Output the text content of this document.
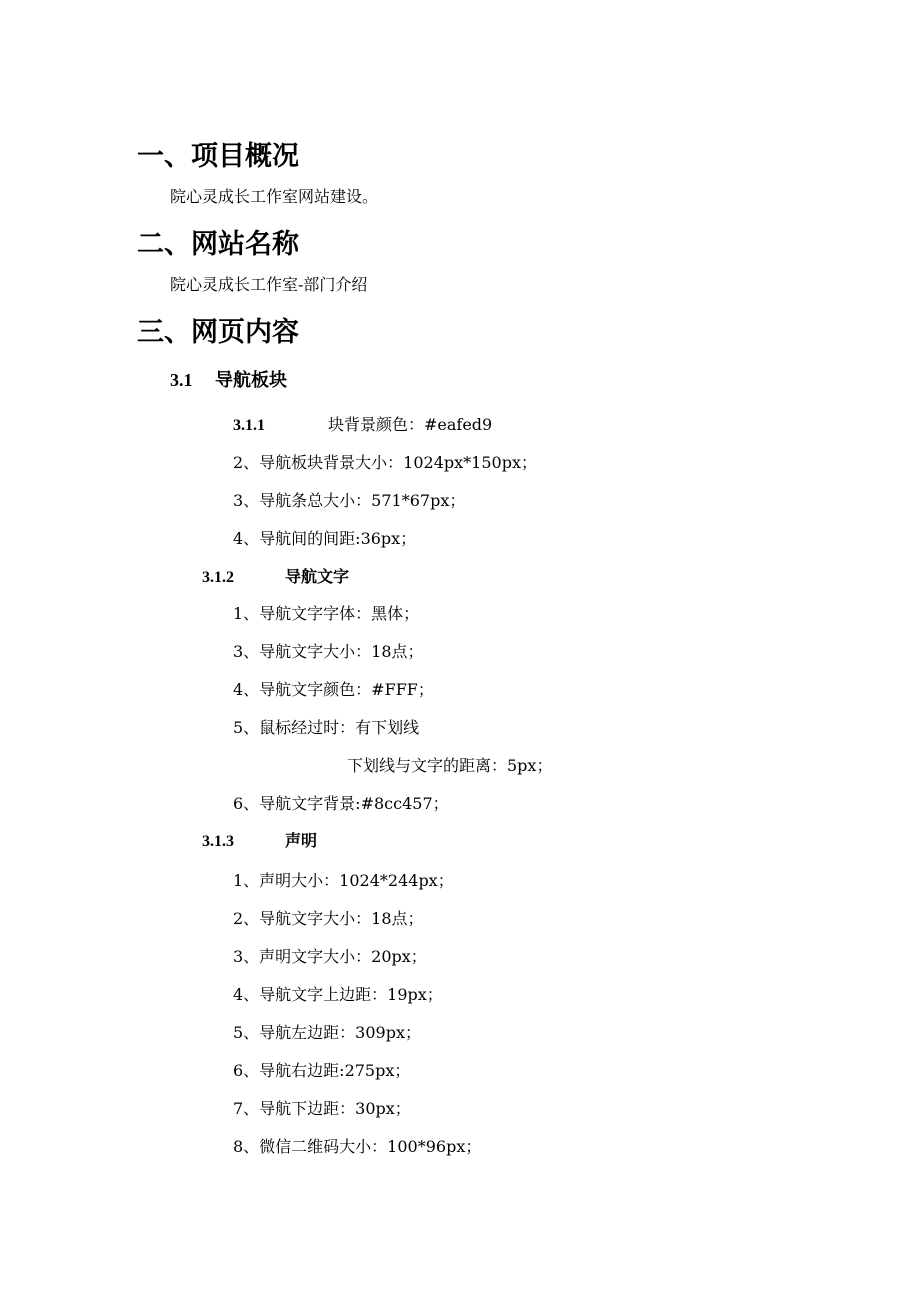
一、项目概况

院心灵成长工作室网站建设。

二、网站名称

院心灵成长工作室-部门介绍

三、网页内容
3.1 导航板块
3.1.1	块背景颜色：#eafed9

2、导航板块背景大小：1024px*150px；

3、导航条总大小：571*67px；

4、导航间的间距:36px；

3.1.2	导航文字

1、导航文字字体：黑体；

3、导航文字大小：18点；

4、导航文字颜色：#FFF；

5、鼠标经过时：有下划线

下划线与文字的距离：5px；

6、导航文字背景:#8cc457；

3.1.3	声明

1、声明大小：1024*244px；

2、导航文字大小：18点；

3、声明文字大小：20px；

4、导航文字上边距：19px；

5、导航左边距：309px；

6、导航右边距:275px；

7、导航下边距：30px；

8、微信二维码大小：100*96px；
